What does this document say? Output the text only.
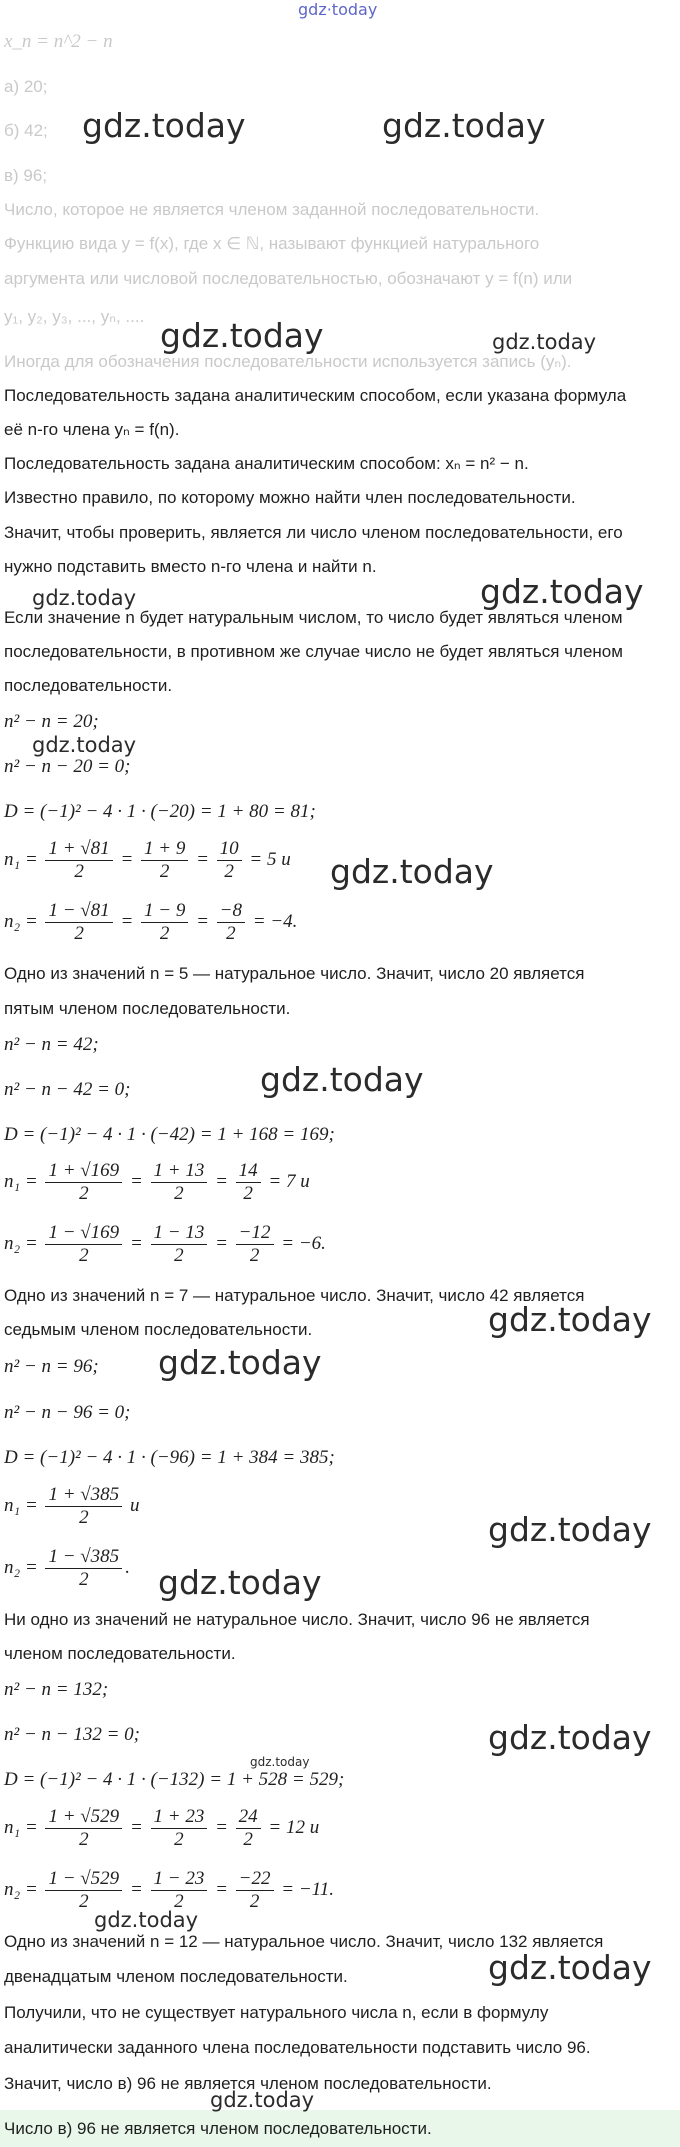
gdz·today
x_n = n^2 − n
а) 20;
б) 42;
в) 96;
Число, которое не является членом заданной последовательности.
Функцию вида y = f(x), где x ∈ ℕ, называют функцией натурального
аргумента или числовой последовательностью, обозначают y = f(n) или
y₁, y₂, y₃, ..., yₙ, ....
Иногда для обозначения последовательности используется запись (yₙ).
Последовательность задана аналитическим способом, если указана формула
её n-го члена yₙ = f(n).
Последовательность задана аналитическим способом: xₙ = n² − n.
Известно правило, по которому можно найти член последовательности.
Значит, чтобы проверить, является ли число членом последовательности, его
нужно подставить вместо n-го члена и найти n.
Если значение n будет натуральным числом, то число будет являться членом
последовательности, в противном же случае число не будет являться членом
последовательности.
n² − n = 20;
n² − n − 20 = 0;
D = (−1)² − 4 · 1 · (−20) = 1 + 80 = 81;
$n_1 = \frac{1 + √81}{2} = \frac{1 + 9}{2} = \frac{10}{2} = 5$ и
$n_2 = \frac{1 - √81}{2} = \frac{1 - 9}{2} = \frac{-8}{2} = -4$.
Одно из значений n = 5 — натуральное число. Значит, число 20 является
пятым членом последовательности.
n² − n = 42;
n² − n − 42 = 0;
D = (−1)² − 4 · 1 · (−42) = 1 + 168 = 169;
$n_1 = \frac{1 + √169}{2} = \frac{1 + 13}{2} = \frac{14}{2} = 7$ и
$n_2 = \frac{1 - √169}{2} = \frac{1 - 13}{2} = \frac{-12}{2} = -6$.
Одно из значений n = 7 — натуральное число. Значит, число 42 является
седьмым членом последовательности.
n² − n = 96;
n² − n − 96 = 0;
D = (−1)² − 4 · 1 · (−96) = 1 + 384 = 385;
$n_1 = \frac{1 + √385}{2}$ и
$n_2 = \frac{1 - √385}{2}$ .
Ни одно из значений не натуральное число. Значит, число 96 не является
членом последовательности.
n² − n = 132;
n² − n − 132 = 0;
D = (−1)² − 4 · 1 · (−132) = 1 + 528 = 529;
$n_1 = \frac{1 + √529}{2} = \frac{1 + 23}{2} = \frac{24}{2} = 12$ и
$n_2 = \frac{1 - √529}{2} = \frac{1 - 23}{2} = \frac{-22}{2} = -11$.
Одно из значений n = 12 — натуральное число. Значит, число 132 является
двенадцатым членом последовательности.
Получили, что не существует натурального числа n, если в формулу
аналитически заданного члена последовательности подставить число 96.
Значит, число в) 96 не является членом последовательности.
Число в) 96 не является членом последовательности.
gdz.today	gdz.today
gdz.today	gdz.today
gdz.today	gdz.today
gdz.today
gdz.today
gdz.today
gdz.today
gdz.today
gdz.today
gdz.today
gdz.today
gdz.today
gdz.today
gdz.today
gdz.today
